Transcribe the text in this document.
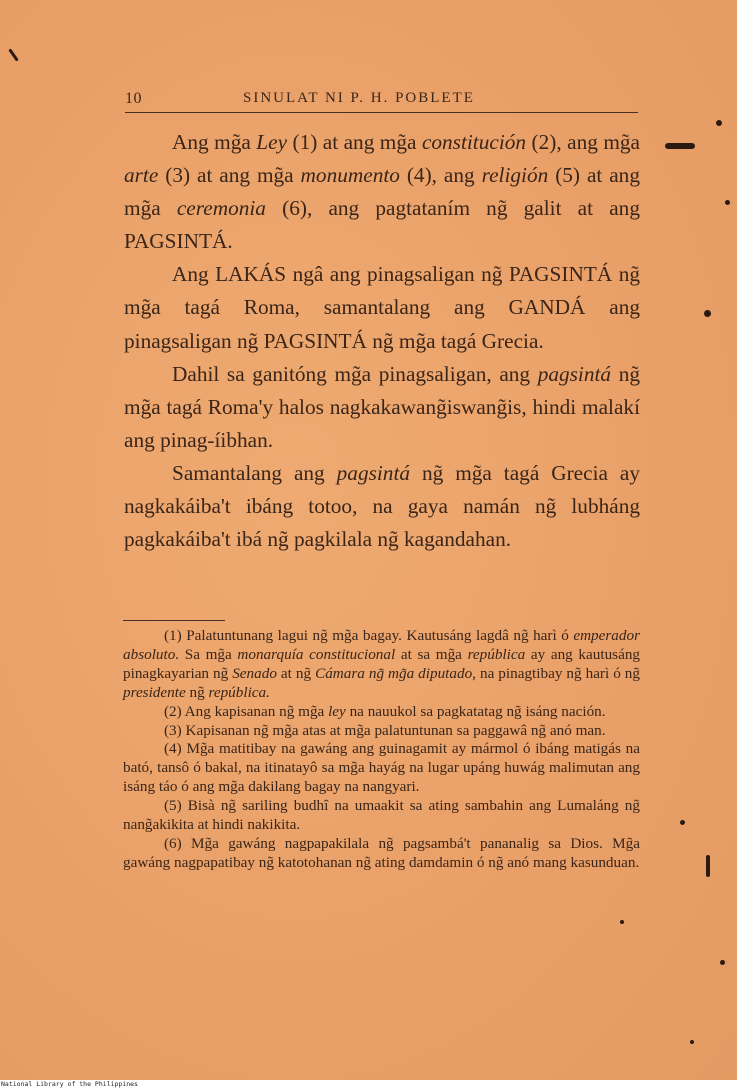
10	SINULAT NI P. H. POBLETE

Ang mg̃a Ley (1) at ang mg̃a constitución (2), ang mg̃a arte (3) at ang mg̃a monumento (4), ang religión (5) at ang mg̃a ceremonia (6), ang pagtataním ng̃ galit at ang PAGSINTÁ.

Ang LAKÁS ngâ ang pinagsaligan ng̃ PAGSINTÁ ng̃ mg̃a tagá Roma, samantalang ang GANDÁ ang pinagsaligan ng̃ PAGSINTÁ ng̃ mg̃a tagá Grecia.

Dahil sa ganitóng mg̃a pinagsaligan, ang pagsintá ng̃ mg̃a tagá Roma'y halos nagkakawang̃iswang̃is, hindi malakí ang pinag-íibhan.

Samantalang ang pagsintá ng̃ mg̃a tagá Grecia ay nagkakáiba't ibáng totoo, na gaya namán ng̃ lubháng pagkakáiba't ibá ng̃ pagkilala ng̃ kagandahan.

(1) Palatuntunang lagui ng̃ mg̃a bagay. Kautusáng lagdâ ng̃ harì ó emperador absoluto. Sa mg̃a monarquía constitucional at sa mg̃a república ay ang kautusáng pinagkayarian ng̃ Senado at ng̃ Cámara ng̃ mg̃a diputado, na pinagtibay ng̃ harì ó ng̃ presidente ng̃ república.

(2) Ang kapisanan ng̃ mg̃a ley na nauukol sa pagkatatag ng̃ isáng nación.

(3) Kapisanan ng̃ mg̃a atas at mg̃a palatuntunan sa paggawâ ng̃ anó man.

(4) Mg̃a matitibay na gawáng ang guinagamit ay mármol ó ibáng matigás na bató, tansô ó bakal, na itinatayô sa mg̃a hayág na lugar upáng huwág malimutan ang isáng táo ó ang mg̃a dakilang bagay na nangyari.

(5) Bisà ng̃ sariling budhî na umaakit sa ating sambahin ang Lumaláng ng̃ nang̃akikita at hindi nakikita.

(6) Mg̃a gawáng nagpapakilala ng̃ pagsambá't pananalig sa Dios. Mg̃a gawáng nagpapatibay ng̃ katotohanan ng̃ ating damdamin ó ng̃ anó mang kasunduan.

National Library of the Philippines
